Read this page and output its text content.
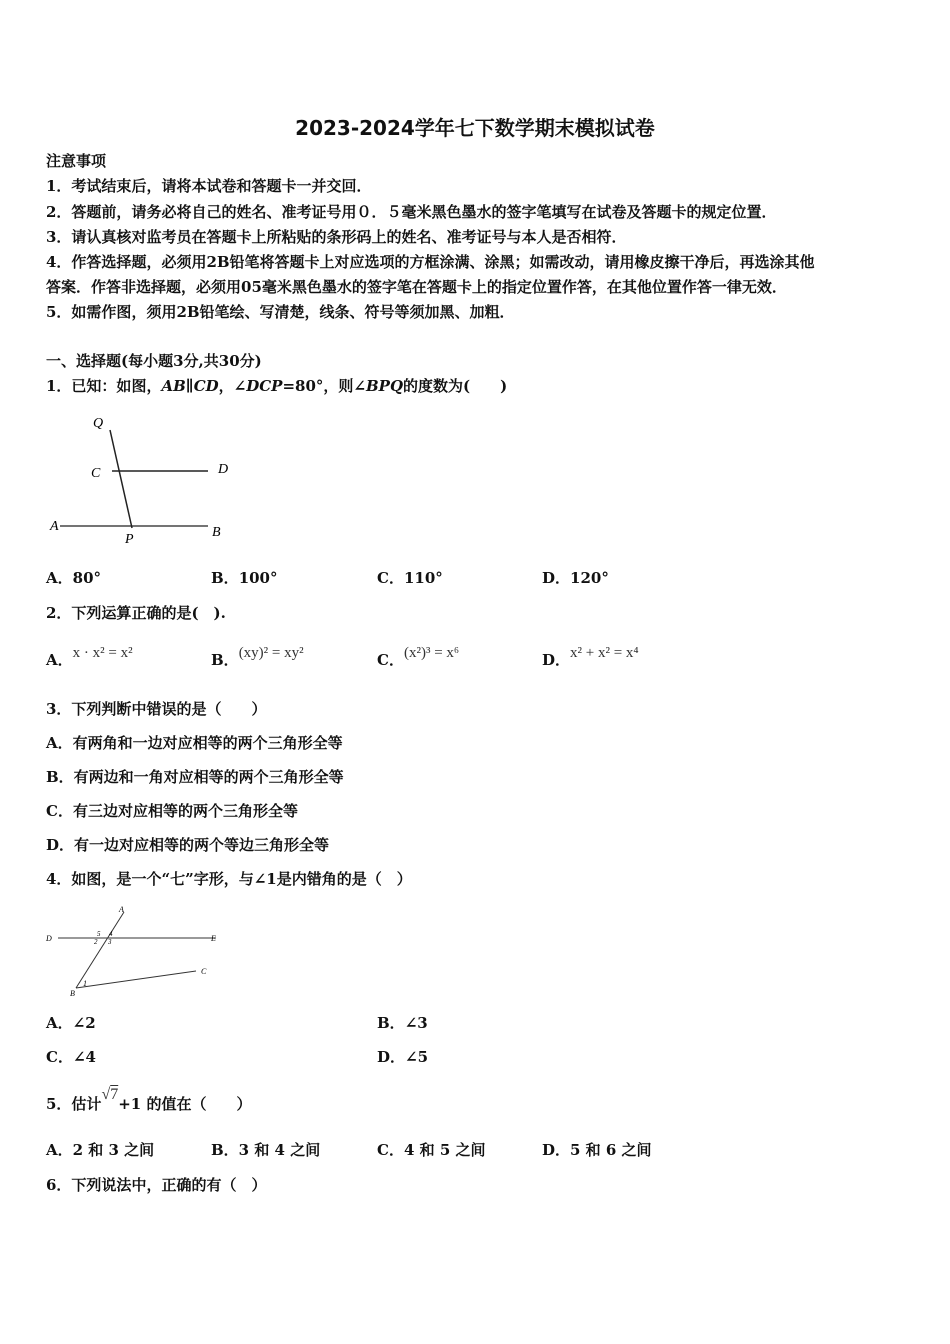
2023-2024学年七下数学期末模拟试卷
注意事项
1．考试结束后，请将本试卷和答题卡一并交回．
2．答题前，请务必将自己的姓名、准考证号用０．５毫米黑色墨水的签字笔填写在试卷及答题卡的规定位置．
3．请认真核对监考员在答题卡上所粘贴的条形码上的姓名、准考证号与本人是否相符．
4．作答选择题，必须用2B铅笔将答题卡上对应选项的方框涂满、涂黑；如需改动，请用橡皮擦干净后，再选涂其他
答案．作答非选择题，必须用05毫米黑色墨水的签字笔在答题卡上的指定位置作答，在其他位置作答一律无效．
5．如需作图，须用2B铅笔绘、写清楚，线条、符号等须加黑、加粗．
一、选择题(每小题3分,共30分)
1．已知：如图，AB∥CD，∠DCP=80°，则∠BPQ的度数为(　　)
Q
C	D
A
P	B
A．80°	B．100°	C．110°	D．120°
2．下列运算正确的是(　).
A．x · x² = x²	B．(xy)² = xy²	C．(x²)³ = x⁶	D．x² + x² = x⁴
3．下列判断中错误的是（　　）
A．有两角和一边对应相等的两个三角形全等
B．有两边和一角对应相等的两个三角形全等
C．有三边对应相等的两个三角形全等
D．有一边对应相等的两个等边三角形全等
4．如图，是一个“七”字形，与∠1是内错角的是（　）
A
D	E
C
B
1
2 3
4
5
A．∠2	B．∠3
C．∠4	D．∠5
5．估计√7+1 的值在（　　）
A．2 和 3 之间	B．3 和 4 之间	C．4 和 5 之间	D．5 和 6 之间
6．下列说法中，正确的有（　）
